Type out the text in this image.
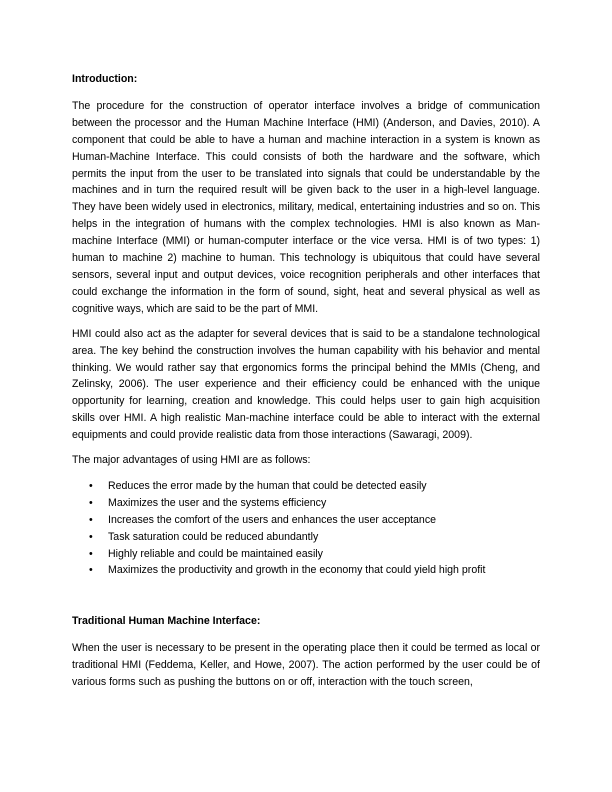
Introduction:

The procedure for the construction of operator interface involves a bridge of communication between the processor and the Human Machine Interface (HMI) (Anderson, and Davies, 2010). A component that could be able to have a human and machine interaction in a system is known as Human-Machine Interface. This could consists of both the hardware and the software, which permits the input from the user to be translated into signals that could be understandable by the machines and in turn the required result will be given back to the user in a high-level language. They have been widely used in electronics, military, medical, entertaining industries and so on. This helps in the integration of humans with the complex technologies. HMI is also known as Man-machine Interface (MMI) or human-computer interface or the vice versa. HMI is of two types: 1) human to machine 2) machine to human. This technology is ubiquitous that could have several sensors, several input and output devices, voice recognition peripherals and other interfaces that could exchange the information in the form of sound, sight, heat and several physical as well as cognitive ways, which are said to be the part of MMI.

HMI could also act as the adapter for several devices that is said to be a standalone technological area. The key behind the construction involves the human capability with his behavior and mental thinking. We would rather say that ergonomics forms the principal behind the MMIs (Cheng, and Zelinsky, 2006). The user experience and their efficiency could be enhanced with the unique opportunity for learning, creation and knowledge. This could helps user to gain high acquisition skills over HMI. A high realistic Man-machine interface could be able to interact with the external equipments and could provide realistic data from those interactions (Sawaragi, 2009).

The major advantages of using HMI are as follows:

• Reduces the error made by the human that could be detected easily
• Maximizes the user and the systems efficiency
• Increases the comfort of the users and enhances the user acceptance
• Task saturation could be reduced abundantly
• Highly reliable and could be maintained easily
• Maximizes the productivity and growth in the economy that could yield high profit

Traditional Human Machine Interface:

When the user is necessary to be present in the operating place then it could be termed as local or traditional HMI (Feddema, Keller, and Howe, 2007). The action performed by the user could be of various forms such as pushing the buttons on or off, interaction with the touch screen,
